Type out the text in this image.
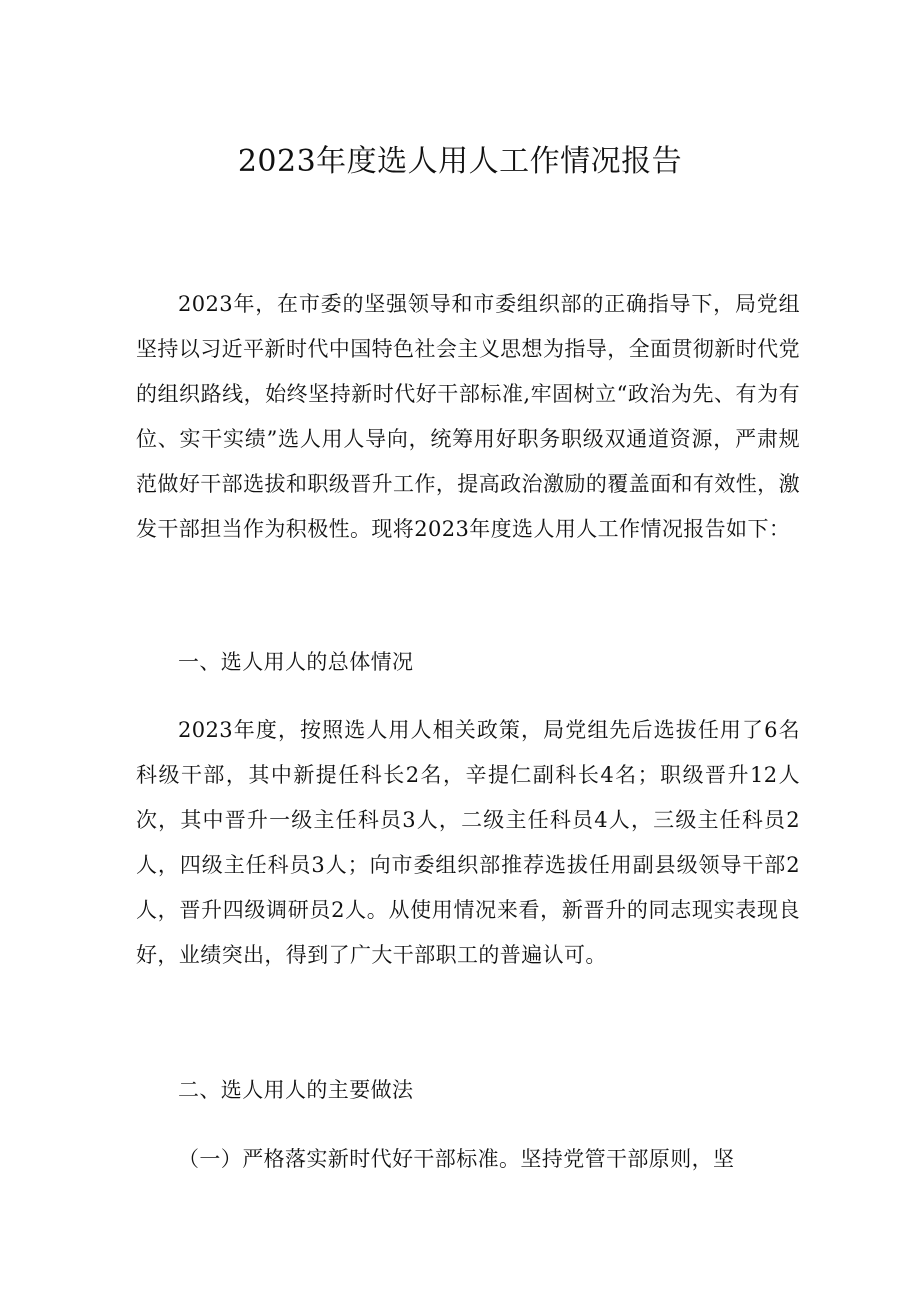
2023年度选人用人工作情况报告

2023年，在市委的坚强领导和市委组织部的正确指导下，局党组坚持以习近平新时代中国特色社会主义思想为指导，全面贯彻新时代党的组织路线，始终坚持新时代好干部标准,牢固树立“政治为先、有为有位、实干实绩”选人用人导向，统筹用好职务职级双通道资源，严肃规范做好干部选拔和职级晋升工作，提高政治激励的覆盖面和有效性，激发干部担当作为积极性。现将2023年度选人用人工作情况报告如下：

一、选人用人的总体情况

2023年度，按照选人用人相关政策，局党组先后选拔任用了6名科级干部，其中新提任科长2名，辛提仁副科长4名；职级晋升12人次，其中晋升一级主任科员3人，二级主任科员4人，三级主任科员2人，四级主任科员3人；向市委组织部推荐选拔任用副县级领导干部2人，晋升四级调研员2人。从使用情况来看，新晋升的同志现实表现良好，业绩突出，得到了广大干部职工的普遍认可。

二、选人用人的主要做法

（一）严格落实新时代好干部标准。坚持党管干部原则，坚
